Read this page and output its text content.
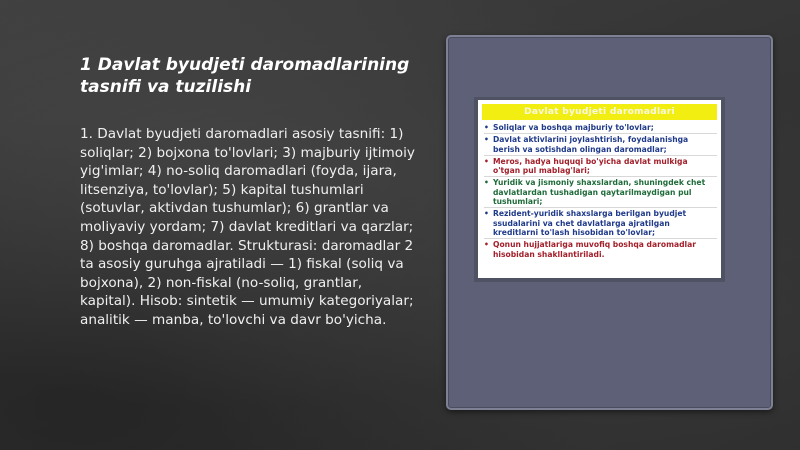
1 Davlat byudjeti daromadlarining tasnifi va tuzilishi

1. Davlat byudjeti daromadlari asosiy tasnifi: 1) soliqlar; 2) bojxona to'lovlari; 3) majburiy ijtimoiy yig'imlar; 4) no-soliq daromadlari (foyda, ijara, litsenziya, to'lovlar); 5) kapital tushumlari (sotuvlar, aktivdan tushumlar); 6) grantlar va moliyaviy yordam; 7) davlat kreditlari va qarzlar; 8) boshqa daromadlar. Strukturasi: daromadlar 2 ta asosiy guruhga ajratiladi — 1) fiskal (soliq va bojxona), 2) non-fiskal (no-soliq, grantlar, kapital). Hisob: sintetik — umumiy kategoriyalar; analitik — manba, to'lovchi va davr bo'yicha.

Davlat byudjeti daromadlari
• Soliqlar va boshqa majburiy to'lovlar;
• Davlat aktivlarini joylashtirish, foydalanishga berish va sotishdan olingan daromadlar;
• Meros, hadya huquqi bo'yicha davlat mulkiga o'tgan pul mablag'lari;
• Yuridik va jismoniy shaxslardan, shuningdek chet davlatlardan tushadigan qaytarilmaydigan pul tushumlari;
• Rezident-yuridik shaxslarga berilgan byudjet ssudalarini va chet davlatlarga ajratilgan kreditlarni to'lash hisobidan to'lovlar;
• Qonun hujjatlariga muvofiq boshqa daromadlar hisobidan shakllantiriladi.
